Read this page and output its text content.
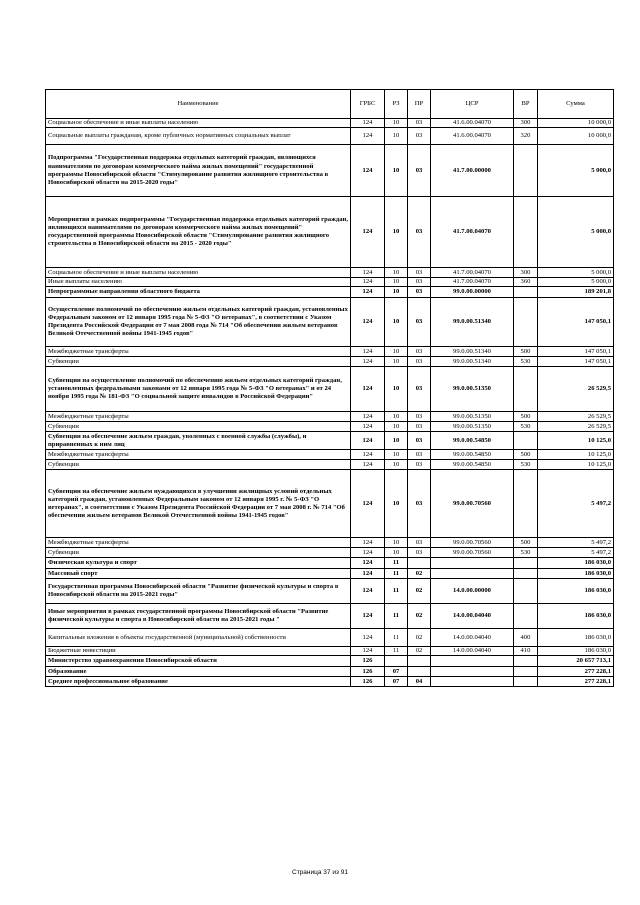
Наименование	ГРБС	РЗ	ПР	ЦСР	ВР	Сумма
Социальное обеспечение и иные выплаты населению	124	10	03	41.6.00.04070	300	10 000,0
Социальные выплаты гражданам, кроме публичных нормативных социальных выплат	124	10	03	41.6.00.04070	320	10 000,0
Подпрограмма "Государственная поддержка отдельных категорий граждан, являющихся нанимателями по договорам коммерческого найма жилых помещений" государственной программы Новосибирской области "Стимулирование развития жилищного строительства в Новосибирской области на 2015-2020 годы"	124	10	03	41.7.00.00000		5 000,0
Мероприятия в рамках подпрограммы "Государственная поддержка отдельных категорий граждан, являющихся нанимателями по договорам коммерческого найма жилых помещений" государственной программы Новосибирской области "Стимулирование развития жилищного строительства в Новосибирской области на 2015 - 2020 годы"	124	10	03	41.7.00.04070		5 000,0
Социальное обеспечение и иные выплаты населению	124	10	03	41.7.00.04070	300	5 000,0
Иные выплаты населению	124	10	03	41.7.00.04070	360	5 000,0
Непрограммные направления областного бюджета	124	10	03	99.0.00.00000		189 201,8
Осуществление полномочий по обеспечению жильем отдельных категорий граждан, установленных Федеральным законом от 12 января 1995 года № 5-ФЗ "О ветеранах", в соответствии с Указом Президента Российской Федерации от 7 мая 2008 года № 714 "Об обеспечении жильем ветеранов Великой Отечественной войны 1941-1945 годов"	124	10	03	99.0.00.51340		147 050,1
Межбюджетные трансферты	124	10	03	99.0.00.51340	500	147 050,1
Субвенции	124	10	03	99.0.00.51340	530	147 050,1
Субвенции на осуществление полномочий по обеспечению жильем отдельных категорий граждан, установленных федеральными законами от 12 января 1995 года № 5-ФЗ "О ветеранах" и от 24 ноября 1995 года № 181-ФЗ "О социальной защите инвалидов в Российской Федерации"	124	10	03	99.0.00.51350		26 529,5
Межбюджетные трансферты	124	10	03	99.0.00.51350	500	26 529,5
Субвенции	124	10	03	99.0.00.51350	530	26 529,5
Субвенции на обеспечение жильем граждан, уволенных с военной службы (службы), и приравненных к ним лиц	124	10	03	99.0.00.54850		10 125,0
Межбюджетные трансферты	124	10	03	99.0.00.54850	500	10 125,0
Субвенции	124	10	03	99.0.00.54850	530	10 125,0
Субвенции на обеспечение жильем нуждающихся в улучшении жилищных условий отдельных категорий граждан, установленных Федеральным законом от 12 января 1995 г. № 5-ФЗ "О ветеранах", в соответствии с Указом Президента Российской Федерации от 7 мая 2008 г. № 714 "Об обеспечении жильем ветеранов Великой Отечественной войны 1941-1945 годов"	124	10	03	99.0.00.70560		5 497,2
Межбюджетные трансферты	124	10	03	99.0.00.70560	500	5 497,2
Субвенции	124	10	03	99.0.00.70560	530	5 497,2
Физическая культура и спорт	124	11				186 030,0
Массовый спорт	124	11	02			186 030,0
Государственная программа Новосибирской области "Развитие физической культуры и спорта в Новосибирской области на 2015-2021 годы"	124	11	02	14.0.00.00000		186 030,0
Иные мероприятия в рамках государственной программы Новосибирской области "Развитие физической культуры и спорта в Новосибирской области на 2015-2021 годы "	124	11	02	14.0.00.04040		186 030,0
Капитальные вложения в объекты государственной (муниципальной) собственности	124	11	02	14.0.00.04040	400	186 030,0
Бюджетные инвестиции	124	11	02	14.0.00.04040	410	186 030,0
Министерство здравоохранения Новосибирской области	126					20 657 713,1
Образование	126	07				277 228,1
Среднее профессиональное образование	126	07	04			277 228,1
Страница 37 из 91
